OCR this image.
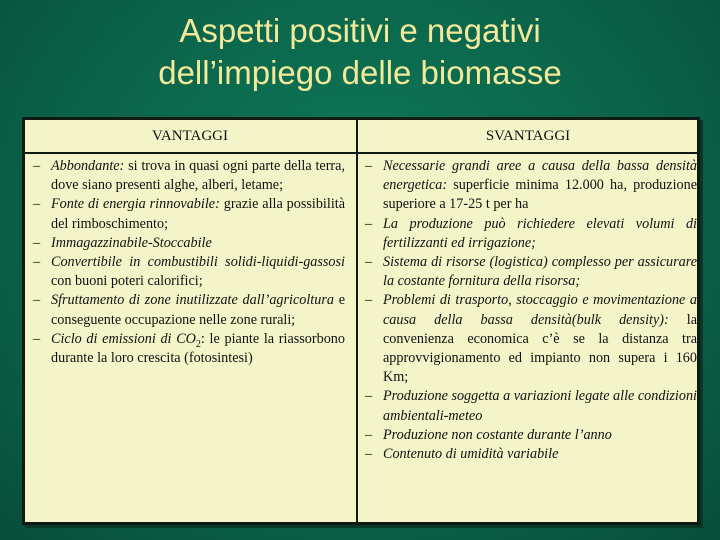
Aspetti positivi e negativi
dell’impiego delle biomasse
VANTAGGI	SVANTAGGI
– Abbondante: si trova in quasi ogni parte della terra, dove siano presenti alghe, alberi, letame;
– Fonte di energia rinnovabile: grazie alla possibilità del rimboschimento;
– Immagazzinabile-Stoccabile
– Convertibile in combustibili solidi-liquidi-gassosi con buoni poteri calorifici;
– Sfruttamento di zone inutilizzate dall’agricoltura e conseguente occupazione nelle zone rurali;
– Ciclo di emissioni di $CO_2$: le piante la riassorbono durante la loro crescita (fotosintesi)
– Necessarie grandi aree a causa della bassa densità energetica: superficie minima 12.000 ha, produzione superiore a 17-25 t per ha
– La produzione può richiedere elevati volumi di fertilizzanti ed irrigazione;
– Sistema di risorse (logistica) complesso per assicurare la costante fornitura della risorsa;
– Problemi di trasporto, stoccaggio e movimentazione a causa della bassa densità(bulk density): la convenienza economica c’è se la distanza tra approvvigionamento ed impianto non supera i 160 Km;
– Produzione soggetta a variazioni legate alle condizioni ambientali-meteo
– Produzione non costante durante l’anno
– Contenuto di umidità variabile
